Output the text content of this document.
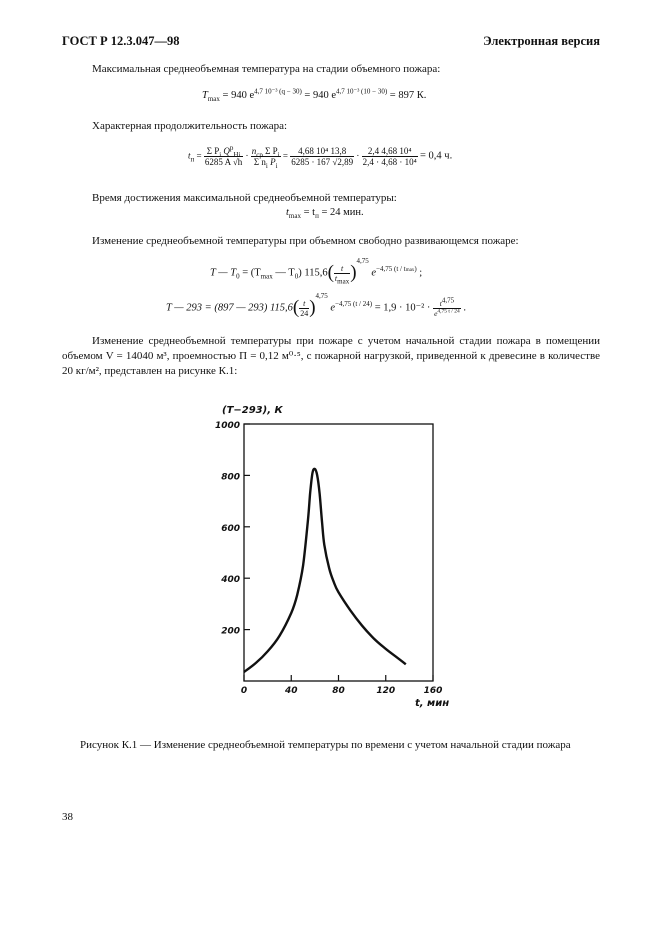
ГОСТ Р 12.3.047—98	Электронная версия
Максимальная среднеобъемная температура на стадии объемного пожара:
$T_{max} = 940$ $e^{4,7 10^{-3} (q - 30)} = 940$ $e^{4,7 10^{-3} (10 - 30)} = 897$ К.
Характерная продолжительность пожара:
$t_п = \frac{\Sigma P_i Q^p_{Hi}}{6285 A √h} \cdot \frac{n_{cp} \Sigma P_i}{\Sigma n_i P_i} = \frac{\text{4,68 10⁴ 13,8}}{6285 \cdot 167 √2,89} \cdot \frac{\text{2,4 4,68 10⁴}}{\text{2,4 · 4,68 · 10⁴}} = 0,4$ ч.
Время достижения максимальной среднеобъемной температуры:
$t_{max} = t_п = 24$ мин.
Изменение среднеобъемной температуры при объемном свободно развивающемся пожаре:
T — $T_0 = (T_{max}$ — $T_0$) $115,6( \frac{t}{t_{max}} )^{4,75}$ $e^{-4,75 (t / tmax)}$ ;
T — 293 = (897 — 293) $115,6( \frac{t}{24} )^{4,75}$ $e^{-4,75 (t / 24)} = 1,9 \cdot 10^{-2} \cdot \frac{t^{4,75}}{e^{4,75 t / 24}}$ .
Изменение среднеобъемной температуры при пожаре с учетом начальной стадии пожара в помещении объемом V = 14040 м³, проемностью П = 0,12 м⁰·⁵, с пожарной нагрузкой, приведенной к древесине в количестве 20 кг/м², представлен на рисунке К.1:
200
400
600
800
1000
0	40	80	120	160
(T−293), К
t, мин
Рисунок К.1 — Изменение среднеобъемной температуры по времени с учетом начальной стадии пожара
38
